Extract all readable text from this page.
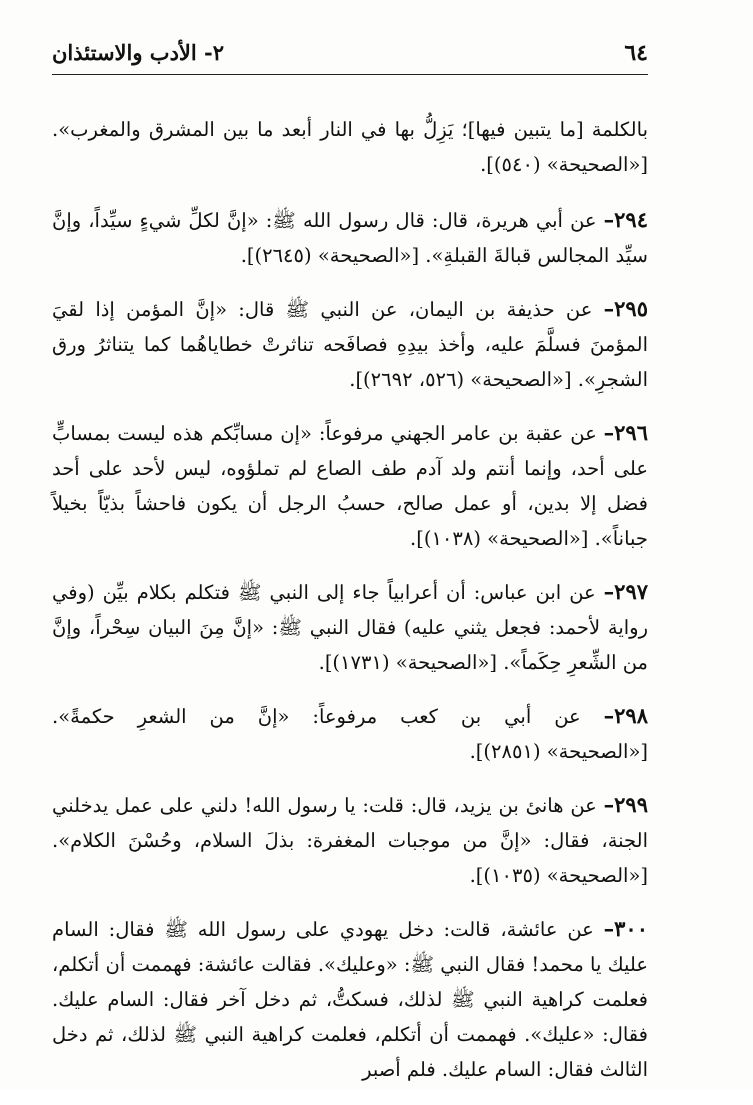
٦٤
٢- الأدب والاستئذان

بالكلمة [ما يتبين فيها]؛ يَزِلُّ بها في النار أبعد ما بين المشرق والمغرب». [«الصحيحة» (٥٤٠)].

٢٩٤– عن أبي هريرة، قال: قال رسول الله ﷺ: «إنَّ لكلِّ شيءٍ سيِّداً، وإنَّ سيِّد المجالس قبالةَ القبلةِ». [«الصحيحة» (٢٦٤٥)].

٢٩٥– عن حذيفة بن اليمان، عن النبي ﷺ قال: «إنَّ المؤمن إذا لقيَ المؤمنَ فسلَّمَ عليه، وأخذ بيدِهِ فصافَحه تناثرتْ خطاياهُما كما يتناثرُ ورق الشجرِ». [«الصحيحة» (٥٢٦، ٢٦٩٢)].

٢٩٦– عن عقبة بن عامر الجهني مرفوعاً: «إن مسابِّكم هذه ليست بمسابٍّ على أحد، وإنما أنتم ولد آدم طف الصاع لم تملؤوه، ليس لأحد على أحد فضل إلا بدين، أو عمل صالح، حسبُ الرجل أن يكون فاحشاً بذيّاً بخيلاً جباناً». [«الصحيحة» (١٠٣٨)].

٢٩٧– عن ابن عباس: أن أعرابياً جاء إلى النبي ﷺ فتكلم بكلام بيِّن (وفي رواية لأحمد: فجعل يثني عليه) فقال النبي ﷺ: «إنَّ مِنَ البيان سِحْراً، وإنَّ من الشِّعرِ حِكَماً». [«الصحيحة» (١٧٣١)].

٢٩٨– عن أبي بن كعب مرفوعاً: «إنَّ من الشعرِ حكمةً». [«الصحيحة» (٢٨٥١)].

٢٩٩– عن هانئ بن يزيد، قال: قلت: يا رسول الله! دلني على عمل يدخلني الجنة، فقال: «إنَّ من موجبات المغفرة: بذلَ السلام، وحُسْنَ الكلام». [«الصحيحة» (١٠٣٥)].

٣٠٠– عن عائشة، قالت: دخل يهودي على رسول الله ﷺ فقال: السام عليك يا محمد! فقال النبي ﷺ: «وعليك». فقالت عائشة: فهممت أن أتكلم، فعلمت كراهية النبي ﷺ لذلك، فسكتُّ، ثم دخل آخر فقال: السام عليك. فقال: «عليك». فهممت أن أتكلم، فعلمت كراهية النبي ﷺ لذلك، ثم دخل الثالث فقال: السام عليك. فلم أصبر
